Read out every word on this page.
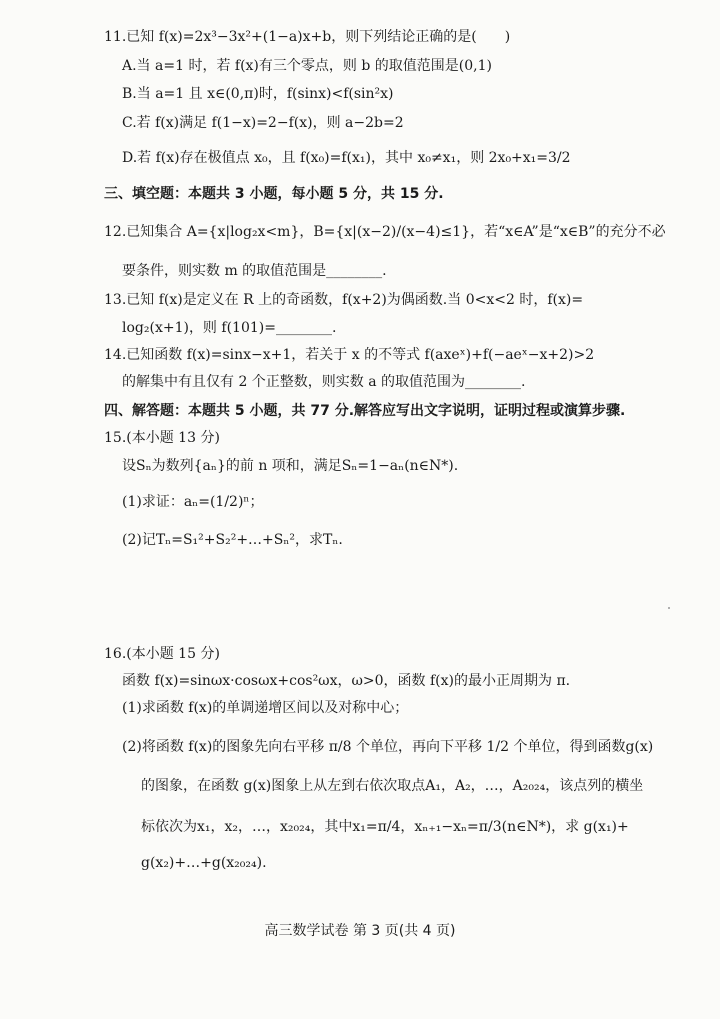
11.已知 f(x)=2x³−3x²+(1−a)x+b，则下列结论正确的是(　　)
A.当 a=1 时，若 f(x)有三个零点，则 b 的取值范围是(0,1)
B.当 a=1 且 x∈(0,π)时，f(sinx)<f(sin²x)
C.若 f(x)满足 f(1−x)=2−f(x)，则 a−2b=2
D.若 f(x)存在极值点 x₀，且 f(x₀)=f(x₁)，其中 x₀≠x₁，则 2x₀+x₁=3/2
三、填空题：本题共 3 小题，每小题 5 分，共 15 分.
12.已知集合 A={x|log₂x<m}，B={x|(x−2)/(x−4)≤1}，若“x∈A”是“x∈B”的充分不必
要条件，则实数 m 的取值范围是________.
13.已知 f(x)是定义在 R 上的奇函数，f(x+2)为偶函数.当 0<x<2 时，f(x)=
log₂(x+1)，则 f(101)=________.
14.已知函数 f(x)=sinx−x+1，若关于 x 的不等式 f(axeˣ)+f(−aeˣ−x+2)>2
的解集中有且仅有 2 个正整数，则实数 a 的取值范围为________.
四、解答题：本题共 5 小题，共 77 分.解答应写出文字说明，证明过程或演算步骤.
15.(本小题 13 分)
设Sₙ为数列{aₙ}的前 n 项和，满足Sₙ=1−aₙ(n∈N*).
(1)求证：aₙ=(1/2)ⁿ；
(2)记Tₙ=S₁²+S₂²+…+Sₙ²，求Tₙ.
16.(本小题 15 分)
函数 f(x)=sinωx·cosωx+cos²ωx，ω>0，函数 f(x)的最小正周期为 π.
(1)求函数 f(x)的单调递增区间以及对称中心；
(2)将函数 f(x)的图象先向右平移 π/8 个单位，再向下平移 1/2 个单位，得到函数g(x)
的图象，在函数 g(x)图象上从左到右依次取点A₁，A₂，…，A₂₀₂₄，该点列的横坐
标依次为x₁，x₂，…，x₂₀₂₄，其中x₁=π/4，xₙ₊₁−xₙ=π/3(n∈N*)，求 g(x₁)+
g(x₂)+…+g(x₂₀₂₄).
高三数学试卷 第 3 页(共 4 页)
